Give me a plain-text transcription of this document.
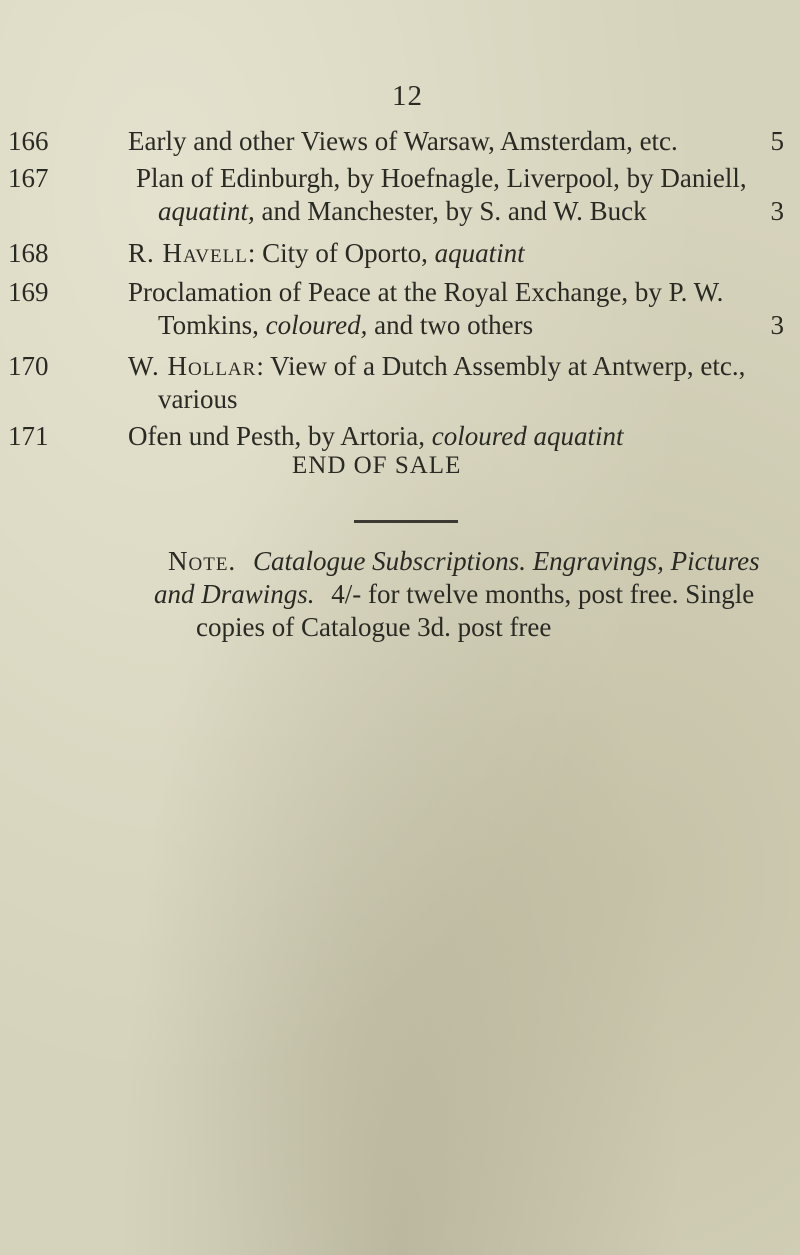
12
166	Early and other Views of Warsaw, Amsterdam, etc.	5
167	Plan of Edinburgh, by Hoefnagle, Liverpool, by Daniell,
aquatint, and Manchester, by S. and W. Buck	3
168	R. Havell: City of Oporto, aquatint
169	Proclamation of Peace at the Royal Exchange, by P. W.
Tomkins, coloured, and two others	3
170	W. Hollar: View of a Dutch Assembly at Antwerp, etc.,
various
171	Ofen und Pesth, by Artoria, coloured aquatint
END OF SALE
Note. Catalogue Subscriptions. Engravings, Pictures
and Drawings. 4/- for twelve months, post free. Single
copies of Catalogue 3d. post free
